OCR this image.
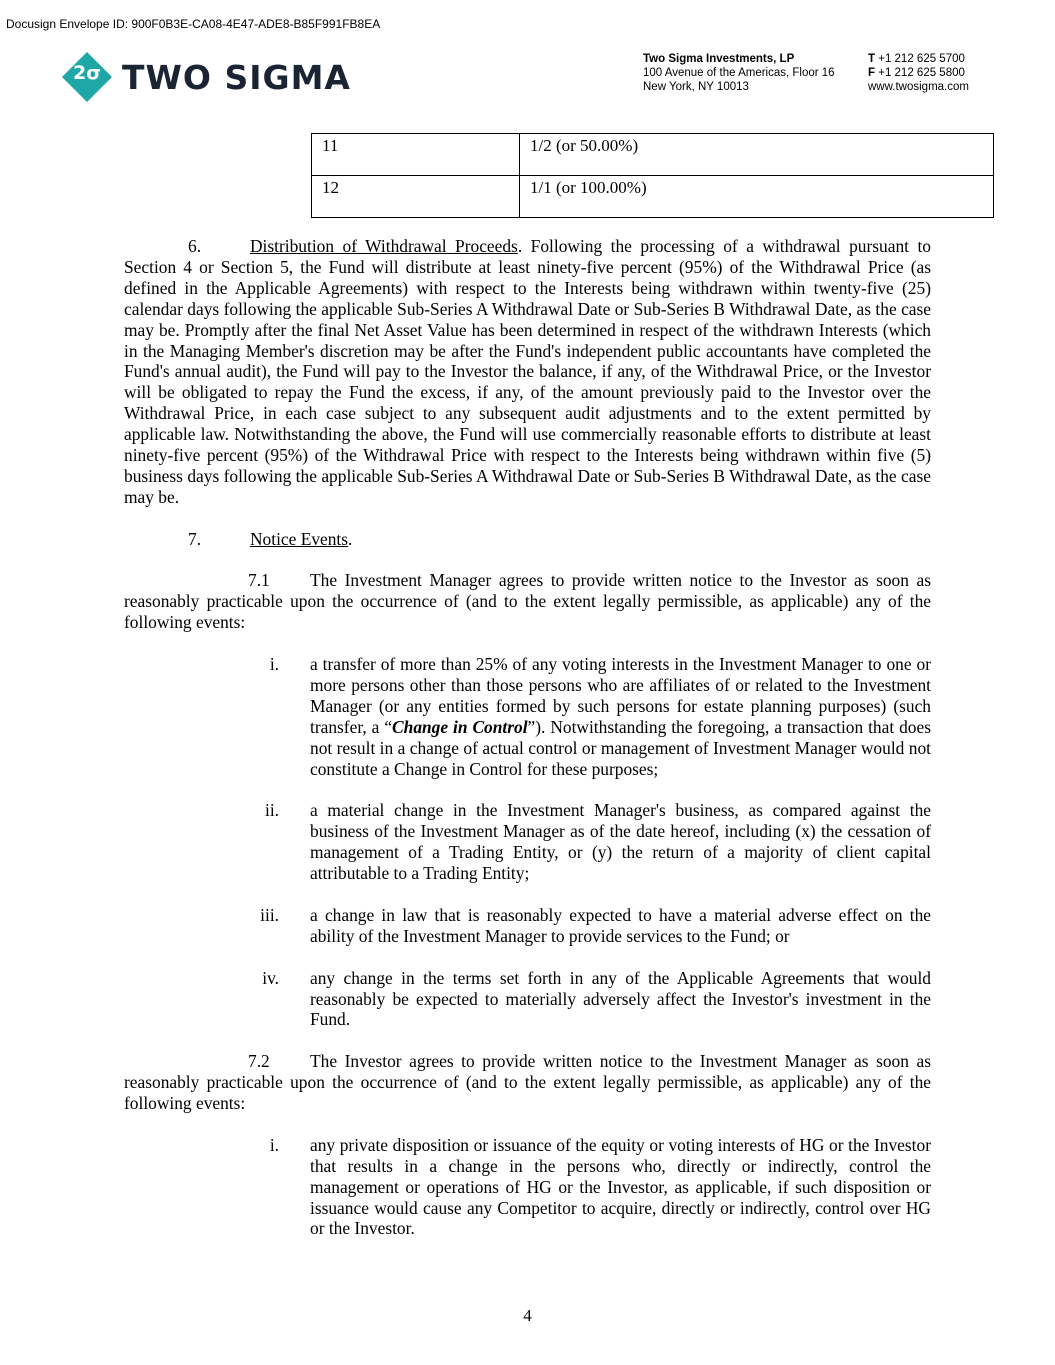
Docusign Envelope ID: 900F0B3E-CA08-4E47-ADE8-B85F991FB8EA
2σ TWO SIGMA	Two Sigma Investments, LP
100 Avenue of the Americas, Floor 16
New York, NY 10013
T +1 212 625 5700
F +1 212 625 5800
www.twosigma.com
11	1/2 (or 50.00%)
12	1/1 (or 100.00%)

6.	Distribution of Withdrawal Proceeds. Following the processing of a withdrawal pursuant to Section 4 or Section 5, the Fund will distribute at least ninety-five percent (95%) of the Withdrawal Price (as defined in the Applicable Agreements) with respect to the Interests being withdrawn within twenty-five (25) calendar days following the applicable Sub-Series A Withdrawal Date or Sub-Series B Withdrawal Date, as the case may be. Promptly after the final Net Asset Value has been determined in respect of the withdrawn Interests (which in the Managing Member's discretion may be after the Fund's independent public accountants have completed the Fund's annual audit), the Fund will pay to the Investor the balance, if any, of the Withdrawal Price, or the Investor will be obligated to repay the Fund the excess, if any, of the amount previously paid to the Investor over the Withdrawal Price, in each case subject to any subsequent audit adjustments and to the extent permitted by applicable law. Notwithstanding the above, the Fund will use commercially reasonable efforts to distribute at least ninety-five percent (95%) of the Withdrawal Price with respect to the Interests being withdrawn within five (5) business days following the applicable Sub-Series A Withdrawal Date or Sub-Series B Withdrawal Date, as the case may be.

7.	Notice Events.

7.1 The Investment Manager agrees to provide written notice to the Investor as soon as reasonably practicable upon the occurrence of (and to the extent legally permissible, as applicable) any of the following events:

i. a transfer of more than 25% of any voting interests in the Investment Manager to one or more persons other than those persons who are affiliates of or related to the Investment Manager (or any entities formed by such persons for estate planning purposes) (such transfer, a “Change in Control”). Notwithstanding the foregoing, a transaction that does not result in a change of actual control or management of Investment Manager would not constitute a Change in Control for these purposes;

ii. a material change in the Investment Manager's business, as compared against the business of the Investment Manager as of the date hereof, including (x) the cessation of management of a Trading Entity, or (y) the return of a majority of client capital attributable to a Trading Entity;

iii. a change in law that is reasonably expected to have a material adverse effect on the ability of the Investment Manager to provide services to the Fund; or

iv. any change in the terms set forth in any of the Applicable Agreements that would reasonably be expected to materially adversely affect the Investor's investment in the Fund.

7.2 The Investor agrees to provide written notice to the Investment Manager as soon as reasonably practicable upon the occurrence of (and to the extent legally permissible, as applicable) any of the following events:

i. any private disposition or issuance of the equity or voting interests of HG or the Investor that results in a change in the persons who, directly or indirectly, control the management or operations of HG or the Investor, as applicable, if such disposition or issuance would cause any Competitor to acquire, directly or indirectly, control over HG or the Investor.

4
